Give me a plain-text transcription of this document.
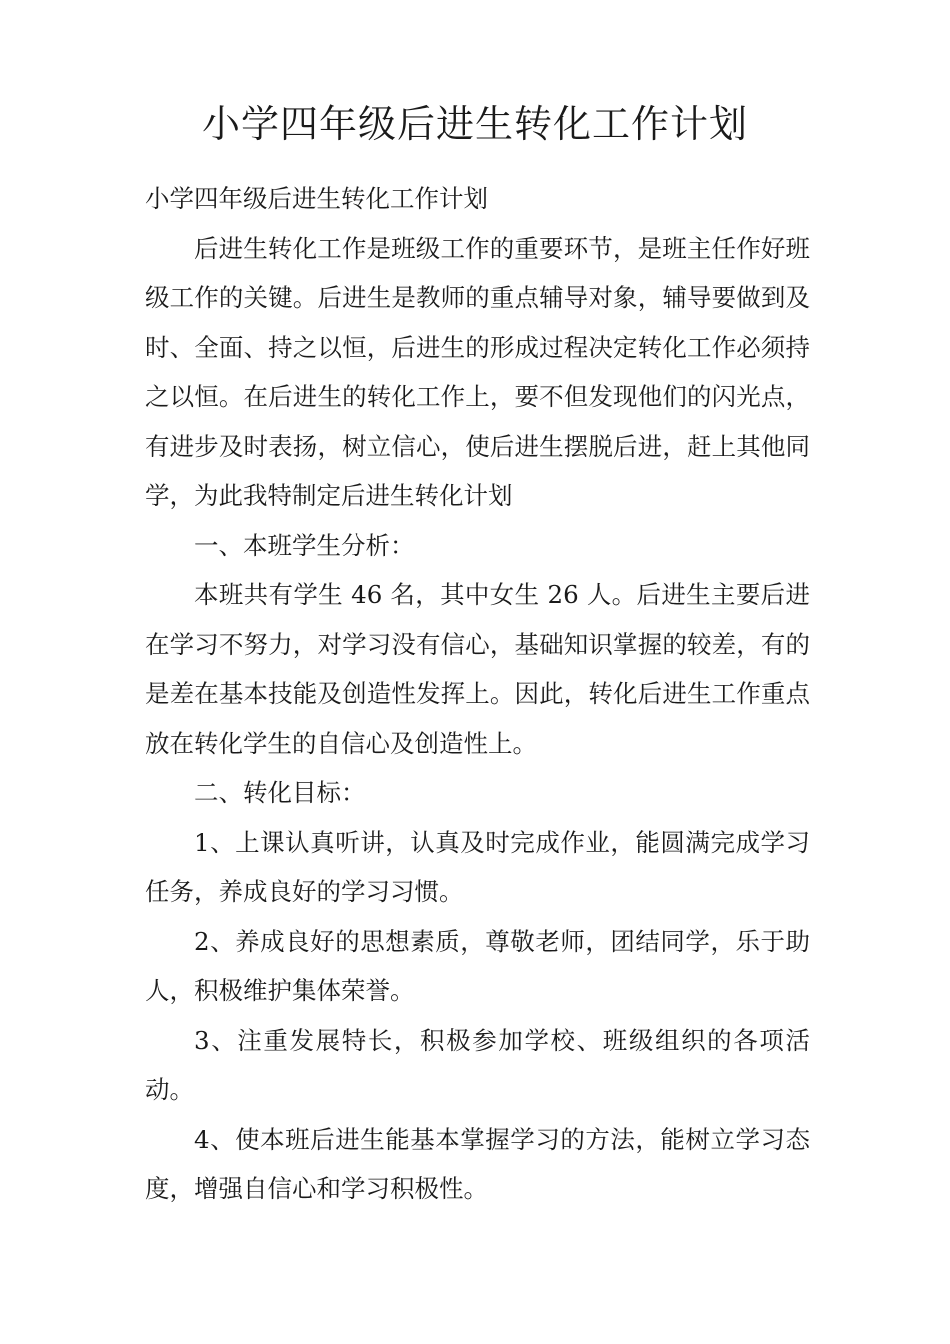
小学四年级后进生转化工作计划

小学四年级后进生转化工作计划

后进生转化工作是班级工作的重要环节，是班主任作好班级工作的关键。后进生是教师的重点辅导对象，辅导要做到及时、全面、持之以恒，后进生的形成过程决定转化工作必须持之以恒。在后进生的转化工作上，要不但发现他们的闪光点，有进步及时表扬，树立信心，使后进生摆脱后进，赶上其他同学，为此我特制定后进生转化计划

一、本班学生分析：

本班共有学生 46 名，其中女生 26 人。后进生主要后进在学习不努力，对学习没有信心，基础知识掌握的较差，有的是差在基本技能及创造性发挥上。因此，转化后进生工作重点放在转化学生的自信心及创造性上。

二、转化目标：

1、上课认真听讲，认真及时完成作业，能圆满完成学习任务，养成良好的学习习惯。

2、养成良好的思想素质，尊敬老师，团结同学，乐于助人，积极维护集体荣誉。

3、注重发展特长，积极参加学校、班级组织的各项活动。

4、使本班后进生能基本掌握学习的方法，能树立学习态度，增强自信心和学习积极性。
